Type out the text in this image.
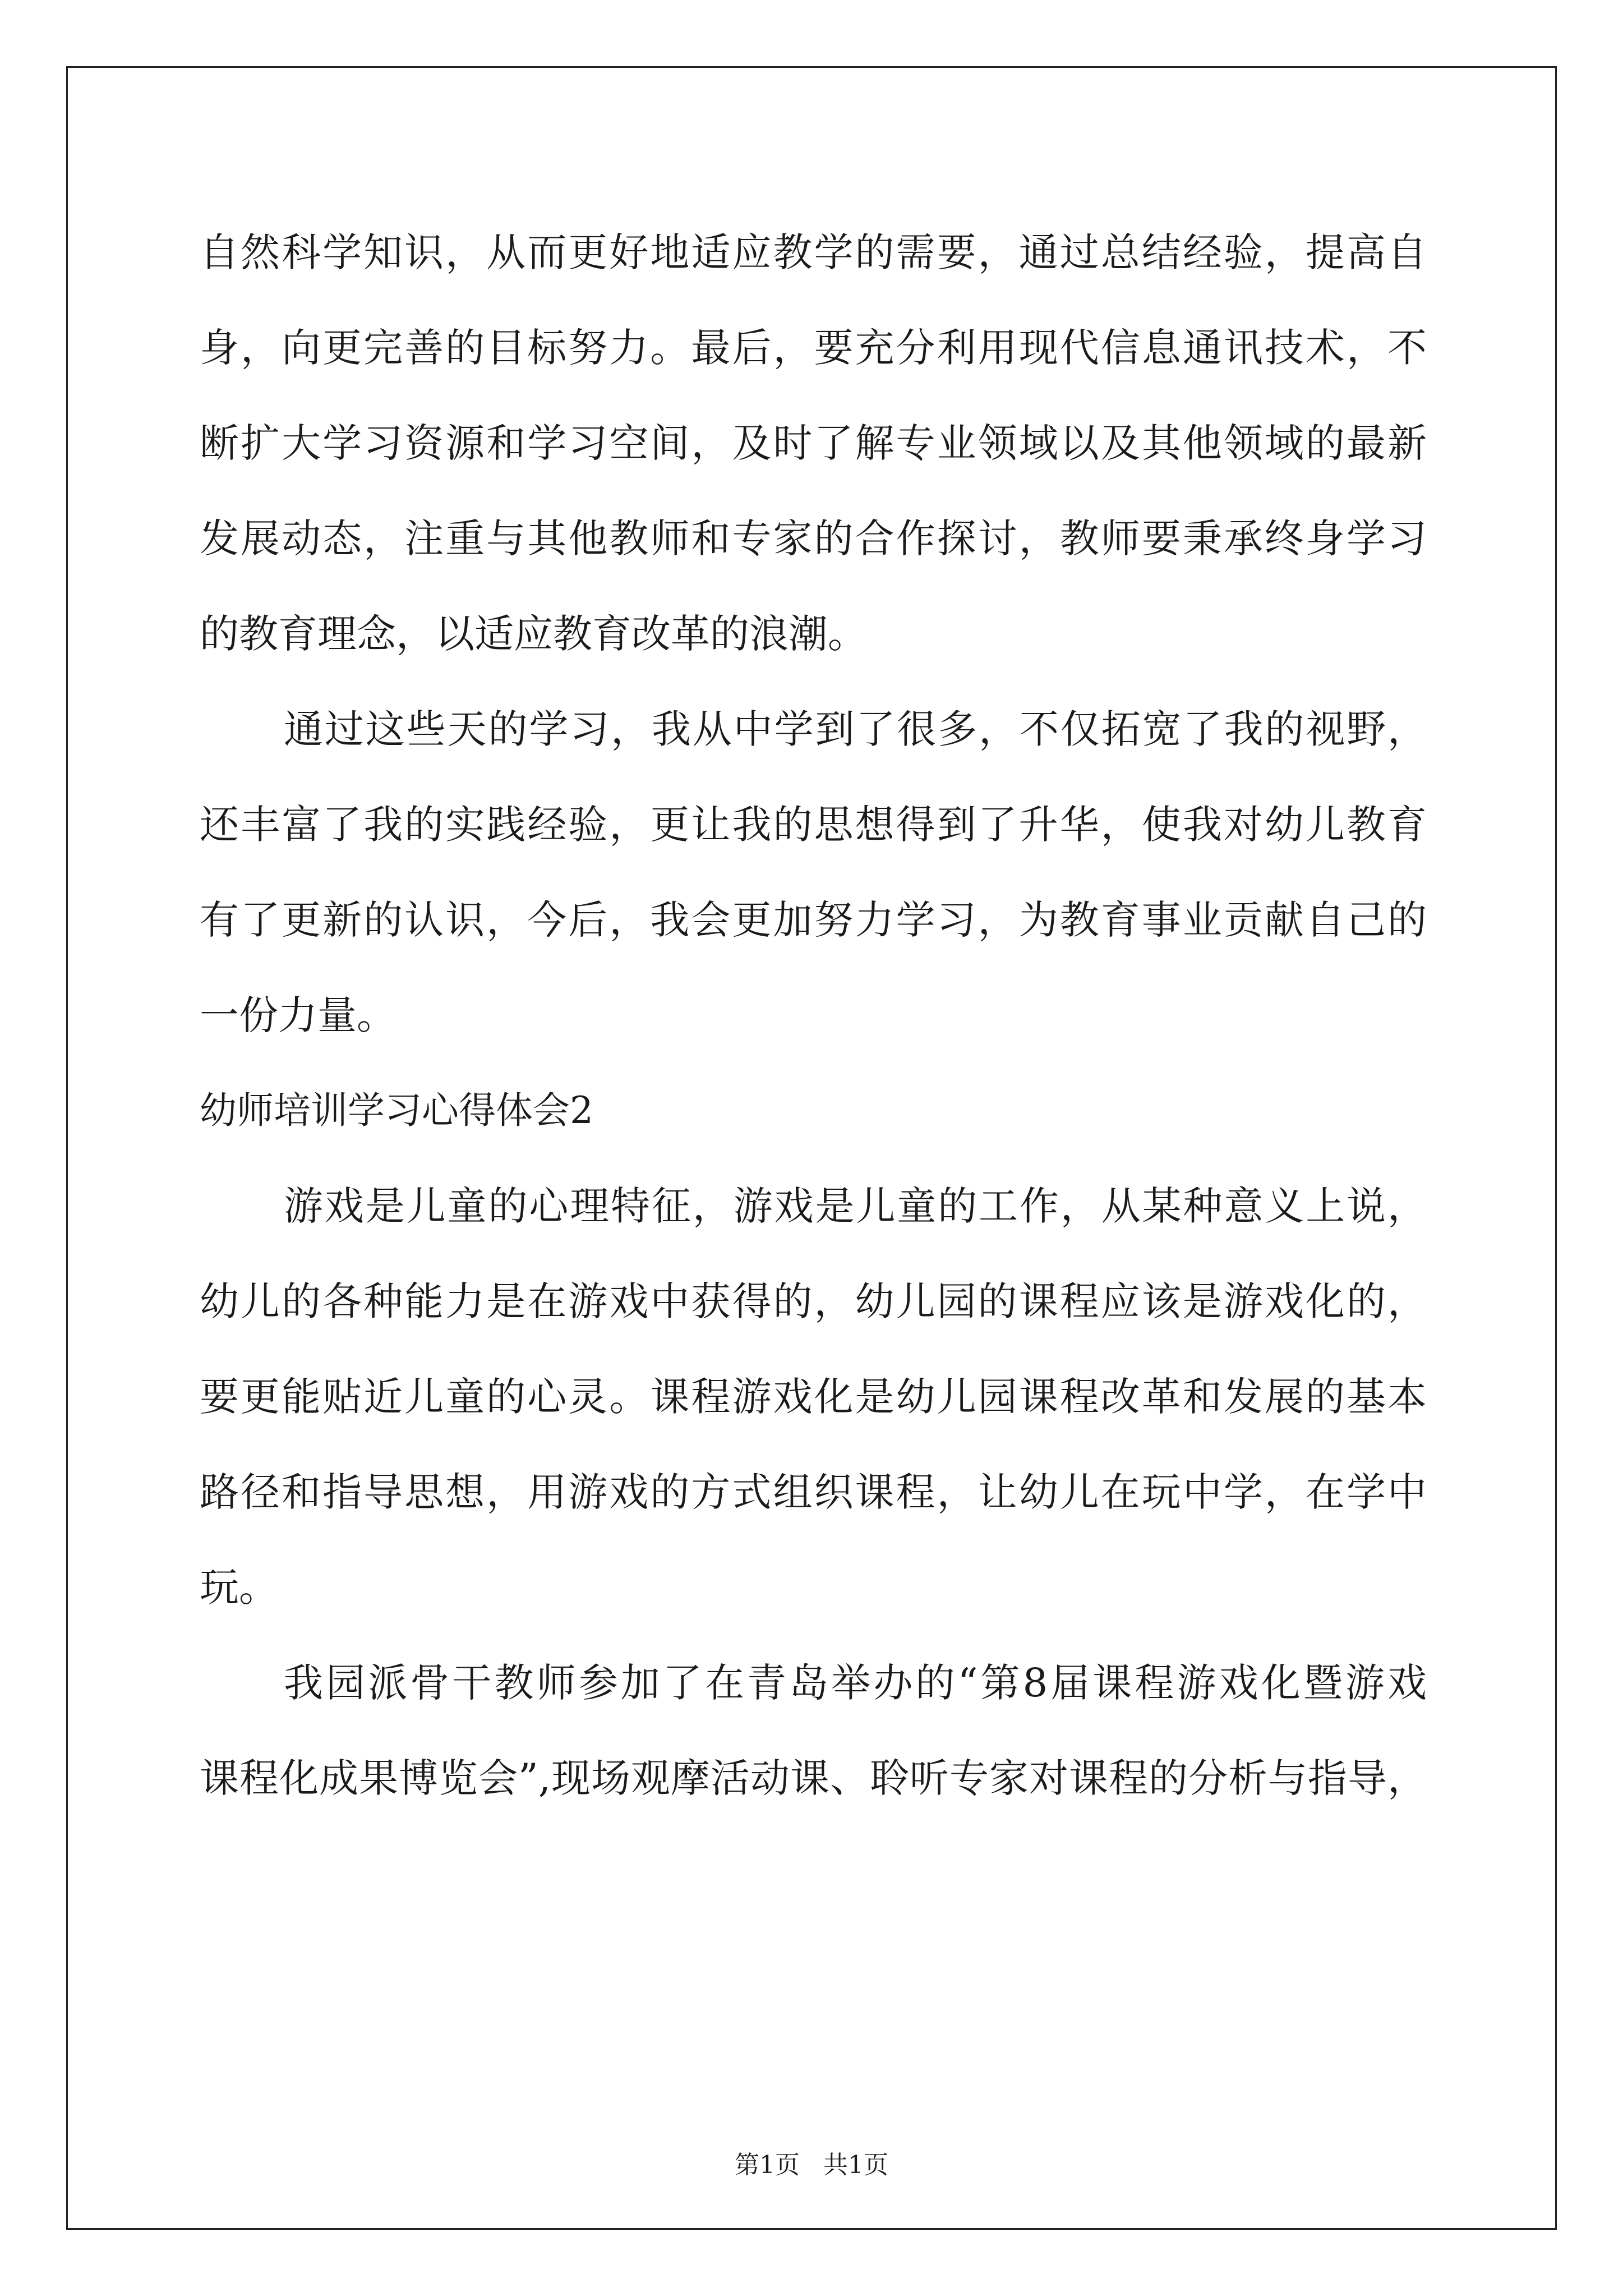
自然科学知识，从而更好地适应教学的需要，通过总结经验，提高自
身，向更完善的目标努力。最后，要充分利用现代信息通讯技术，不
断扩大学习资源和学习空间，及时了解专业领域以及其他领域的最新
发展动态，注重与其他教师和专家的合作探讨，教师要秉承终身学习
的教育理念，以适应教育改革的浪潮。
通过这些天的学习，我从中学到了很多，不仅拓宽了我的视野，
还丰富了我的实践经验，更让我的思想得到了升华，使我对幼儿教育
有了更新的认识，今后，我会更加努力学习，为教育事业贡献自己的
一份力量。
幼师培训学习心得体会2
游戏是儿童的心理特征，游戏是儿童的工作，从某种意义上说，
幼儿的各种能力是在游戏中获得的，幼儿园的课程应该是游戏化的，
要更能贴近儿童的心灵。课程游戏化是幼儿园课程改革和发展的基本
路径和指导思想，用游戏的方式组织课程，让幼儿在玩中学，在学中
玩。
我园派骨干教师参加了在青岛举办的“第8届课程游戏化暨游戏
课程化成果博览会”,现场观摩活动课、聆听专家对课程的分析与指导，
第1页   共1页
